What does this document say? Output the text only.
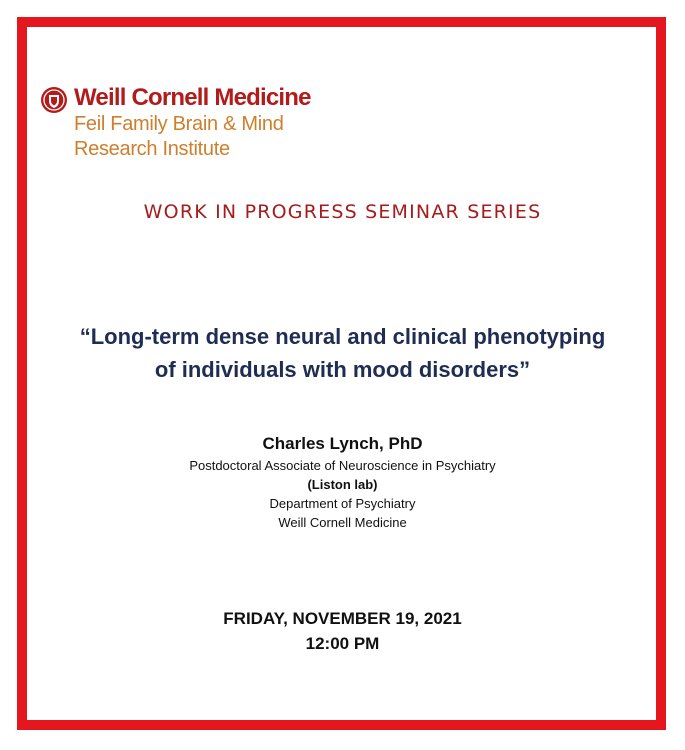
Weill Cornell Medicine
Feil Family Brain & Mind
Research Institute
WORK IN PROGRESS SEMINAR SERIES
“Long-term dense neural and clinical phenotyping
of individuals with mood disorders”
Charles Lynch, PhD
Postdoctoral Associate of Neuroscience in Psychiatry
(Liston lab)
Department of Psychiatry
Weill Cornell Medicine
FRIDAY, NOVEMBER 19, 2021
12:00 PM
